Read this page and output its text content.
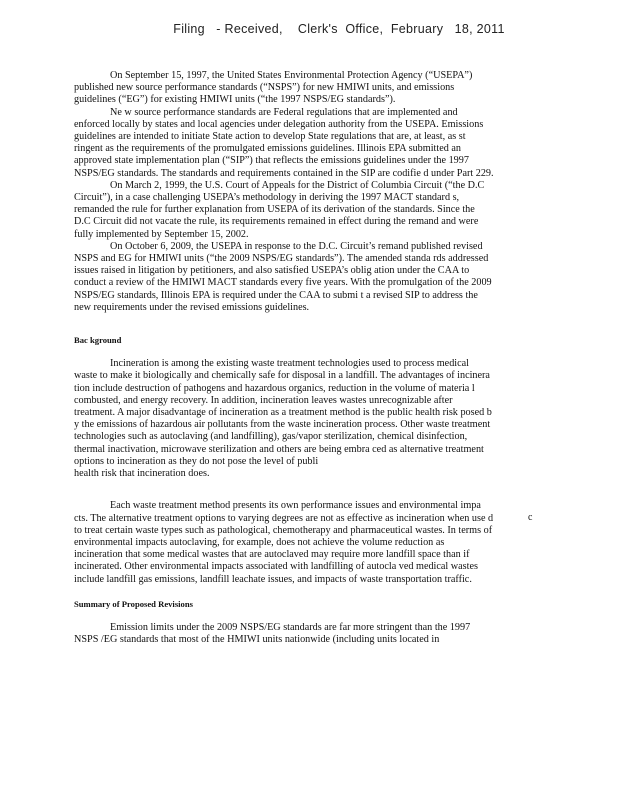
Filing   - Received,    Clerk's  Office,  February   18, 2011

On September 15, 1997, the United States Environmental Protection Agency (“USEPA”) published new source performance standards (“NSPS”) for new HMIWI units, and emissions guidelines (“EG”) for existing HMIWI units (“the 1997 NSPS/EG standards”).

Ne w source performance standards are Federal regulations that are implemented and enforced locally by states and local agencies under delegation authority from the USEPA. Emissions guidelines are intended to initiate State action to develop State regulations that are, at least, as st ringent as the requirements of the promulgated emissions guidelines. Illinois EPA submitted an approved state implementation plan (“SIP”) that reflects the emissions guidelines under the 1997 NSPS/EG standards. The standards and requirements contained in the SIP are codifie d under Part 229.

On March 2, 1999, the U.S. Court of Appeals for the District of Columbia Circuit (“the D.C Circuit”), in a case challenging USEPA’s methodology in deriving the 1997 MACT standard s, remanded the rule for further explanation from USEPA of its derivation of the standards. Since the D.C Circuit did not vacate the rule, its requirements remained in effect during the remand and were fully implemented by September 15, 2002.

On October 6, 2009, the USEPA in response to the D.C. Circuit’s remand published revised NSPS and EG for HMIWI units (“the 2009 NSPS/EG standards”). The amended standa rds addressed issues raised in litigation by petitioners, and also satisfied USEPA’s oblig ation under the CAA to conduct a review of the HMIWI MACT standards every five years. With the promulgation of the 2009 NSPS/EG standards, Illinois EPA is required under the CAA to submi t a revised SIP to address the new requirements under the revised emissions guidelines.

Bac kground

Incineration is among the existing waste treatment technologies used to process medical waste to make it biologically and chemically safe for disposal in a landfill. The advantages of incinera tion include destruction of pathogens and hazardous organics, reduction in the volume of materia l combusted, and energy recovery. In addition, incineration leaves wastes unrecognizable after treatment. A major disadvantage of incineration as a treatment method is the public health risk posed b y the emissions of hazardous air pollutants from the waste incineration process. Other waste treatment technologies such as autoclaving (and landfilling), gas/vapor sterilization, chemical disinfection, thermal inactivation, microwave sterilization and others are being embra ced as alternative treatment options to incineration as they do not pose the level of publi

health risk that incineration does.

Each waste treatment method presents its own performance issues and environmental impa cts. The alternative treatment options to varying degrees are not as effective as incineration when use d to treat certain waste types such as pathological, chemotherapy and pharmaceutical wastes. In terms of environmental impacts autoclaving, for example, does not achieve the volume reduction as incineration that some medical wastes that are autoclaved may require more landfill space than if incinerated. Other environmental impacts associated with landfilling of autocla ved medical wastes include landfill gas emissions, landfill leachate issues, and impacts of waste transportation traffic.

Summary of Proposed Revisions

Emission limits under the 2009 NSPS/EG standards are far more stringent than the 1997 NSPS /EG standards that most of the HMIWI units nationwide (including units located in

c
